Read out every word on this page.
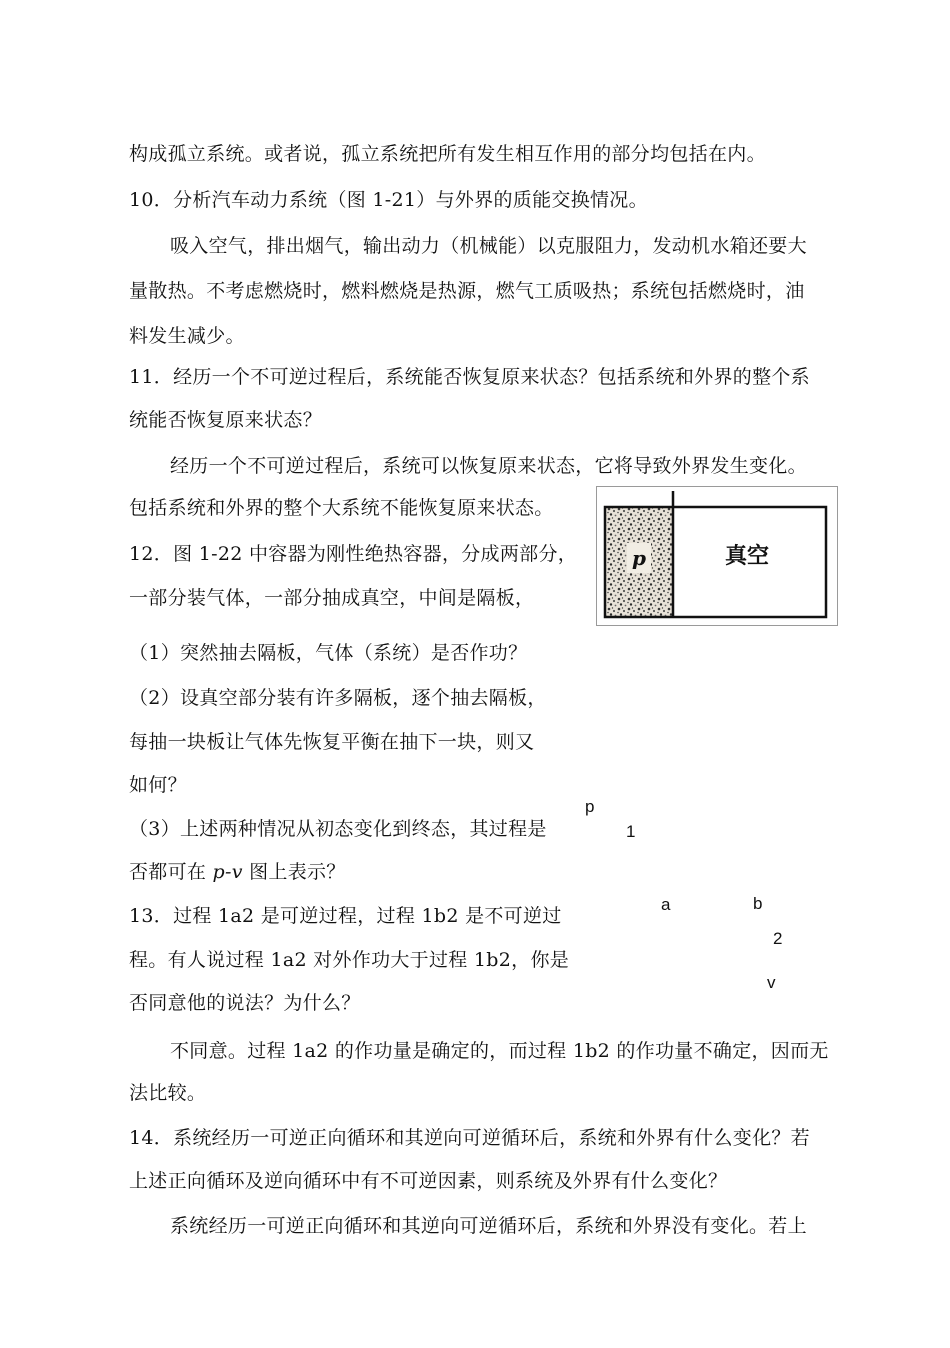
构成孤立系统。或者说，孤立系统把所有发生相互作用的部分均包括在内。
10．分析汽车动力系统（图 1-21）与外界的质能交换情况。
吸入空气，排出烟气，输出动力（机械能）以克服阻力，发动机水箱还要大
量散热。不考虑燃烧时，燃料燃烧是热源，燃气工质吸热；系统包括燃烧时，油
料发生减少。
11．经历一个不可逆过程后，系统能否恢复原来状态？包括系统和外界的整个系
统能否恢复原来状态？
经历一个不可逆过程后，系统可以恢复原来状态，它将导致外界发生变化。
包括系统和外界的整个大系统不能恢复原来状态。
12．图 1-22 中容器为刚性绝热容器，分成两部分，
一部分装气体，一部分抽成真空，中间是隔板，
（1）突然抽去隔板，气体（系统）是否作功？
（2）设真空部分装有许多隔板，逐个抽去隔板，
每抽一块板让气体先恢复平衡在抽下一块，则又
如何？
（3）上述两种情况从初态变化到终态，其过程是
否都可在 p-v 图上表示？
13．过程 1a2 是可逆过程，过程 1b2 是不可逆过
程。有人说过程 1a2 对外作功大于过程 1b2，你是
否同意他的说法？为什么？
不同意。过程 1a2 的作功量是确定的，而过程 1b2 的作功量不确定，因而无
法比较。
14．系统经历一可逆正向循环和其逆向可逆循环后，系统和外界有什么变化？若
上述正向循环及逆向循环中有不可逆因素，则系统及外界有什么变化？
系统经历一可逆正向循环和其逆向可逆循环后，系统和外界没有变化。若上
p	真空
p
1
a	b
2
v
